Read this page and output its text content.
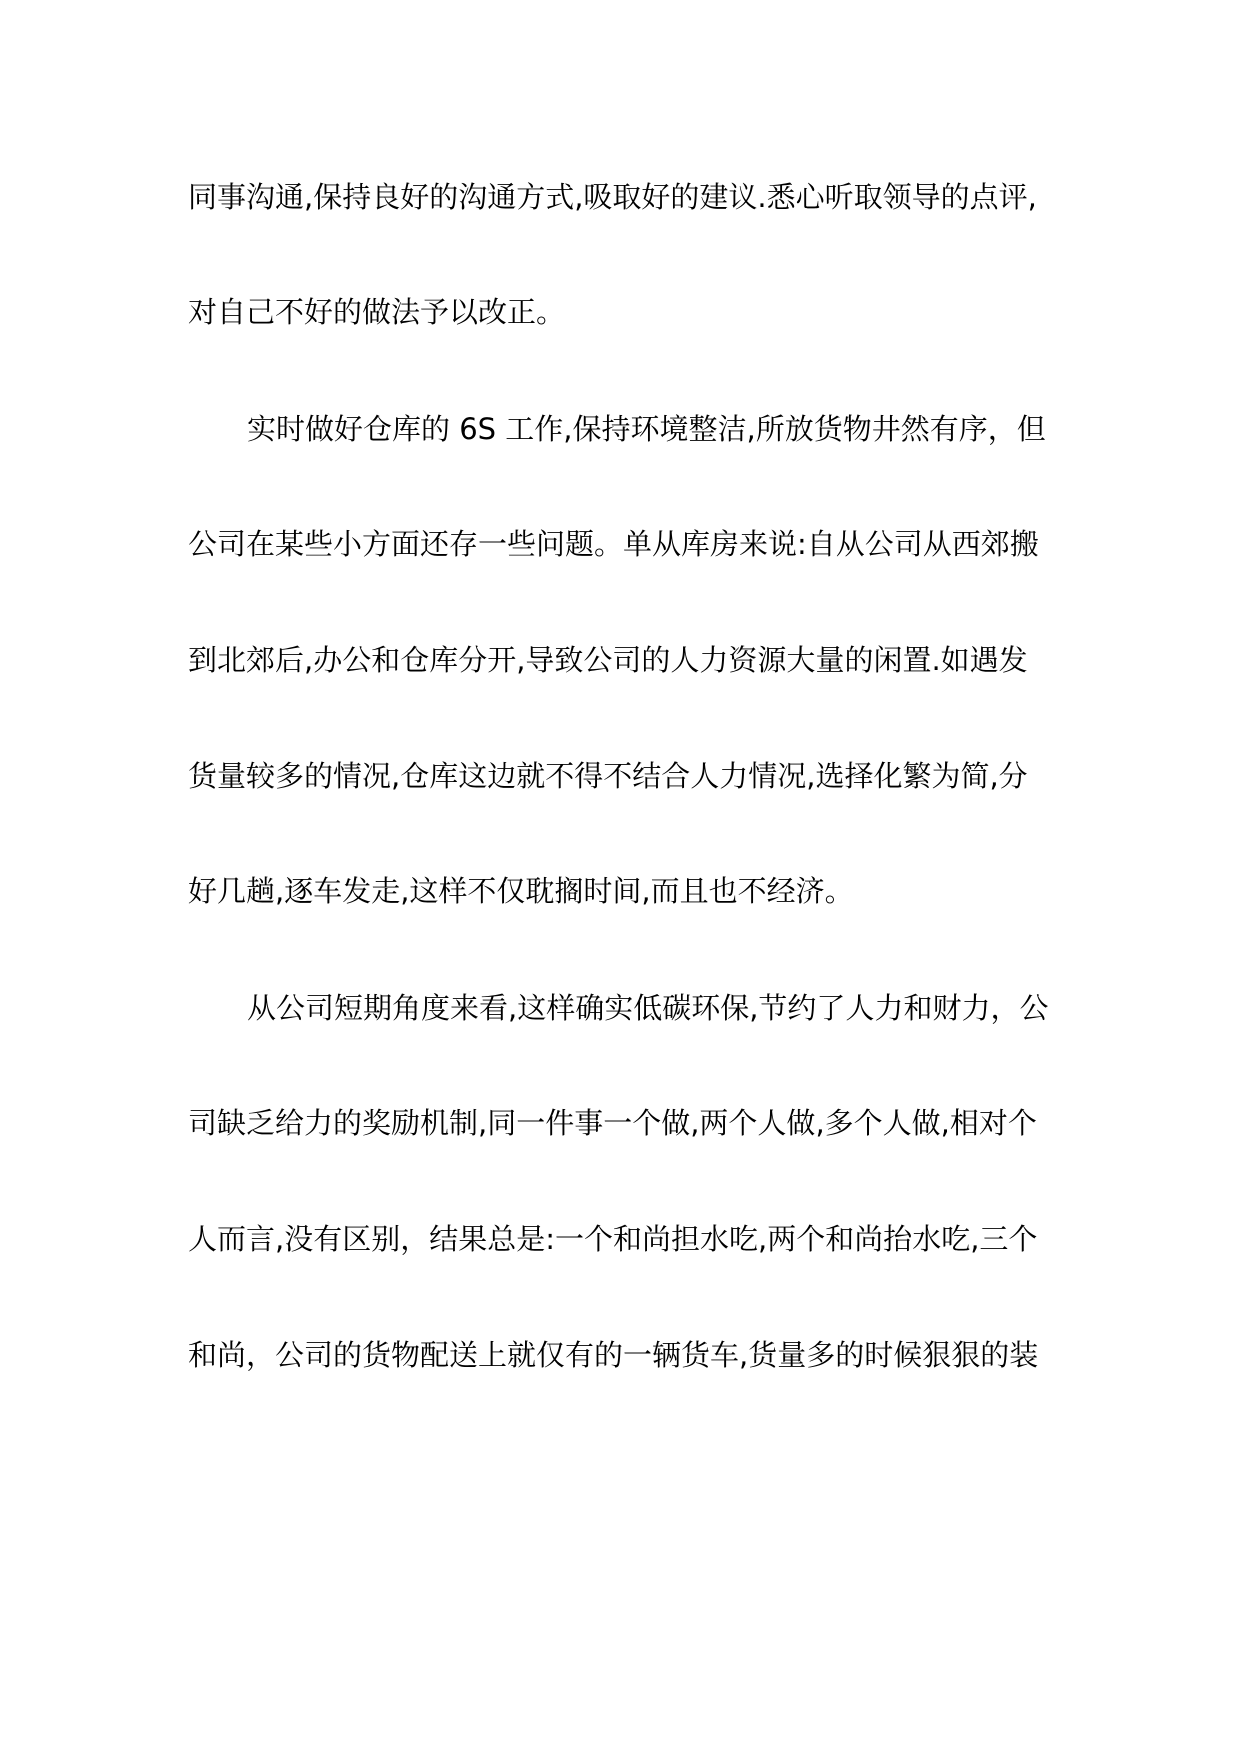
同事沟通,保持良好的沟通方式,吸取好的建议.悉心听取领导的点评,
对自己不好的做法予以改正。
实时做好仓库的 6S 工作,保持环境整洁,所放货物井然有序，但
公司在某些小方面还存一些问题。单从库房来说:自从公司从西郊搬
到北郊后,办公和仓库分开,导致公司的人力资源大量的闲置.如遇发
货量较多的情况,仓库这边就不得不结合人力情况,选择化繁为简,分
好几趟,逐车发走,这样不仅耽搁时间,而且也不经济。
从公司短期角度来看,这样确实低碳环保,节约了人力和财力，公
司缺乏给力的奖励机制,同一件事一个做,两个人做,多个人做,相对个
人而言,没有区别，结果总是:一个和尚担水吃,两个和尚抬水吃,三个
和尚，公司的货物配送上就仅有的一辆货车,货量多的时候狠狠的装
